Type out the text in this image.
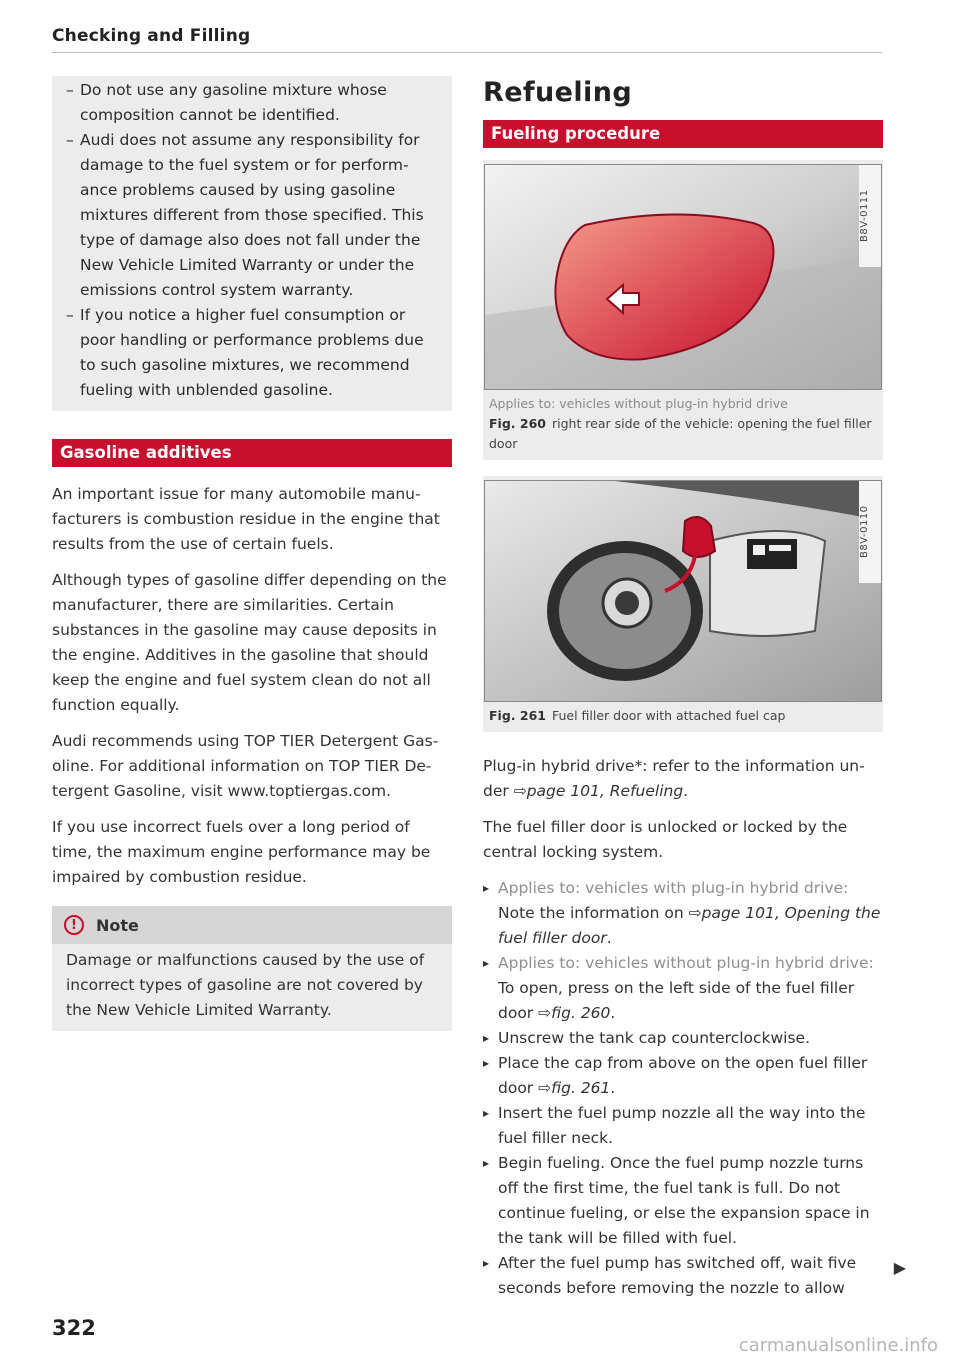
Checking and Filling
– Do not use any gasoline mixture whose composition cannot be identified.
– Audi does not assume any responsibility for damage to the fuel system or for perform-ance problems caused by using gasoline mixtures different from those specified. This type of damage also does not fall under the New Vehicle Limited Warranty or under the emissions control system warranty.
– If you notice a higher fuel consumption or poor handling or performance problems due to such gasoline mixtures, we recommend fueling with unblended gasoline.
Gasoline additives

An important issue for many automobile manu-facturers is combustion residue in the engine that results from the use of certain fuels.

Although types of gasoline differ depending on the manufacturer, there are similarities. Certain substances in the gasoline may cause deposits in the engine. Additives in the gasoline that should keep the engine and fuel system clean do not all function equally.

Audi recommends using TOP TIER Detergent Gas-oline. For additional information on TOP TIER De-tergent Gasoline, visit www.toptiergas.com.

If you use incorrect fuels over a long period of time, the maximum engine performance may be impaired by combustion residue.

!	Note
Damage or malfunctions caused by the use of incorrect types of gasoline are not covered by the New Vehicle Limited Warranty.
322
Refueling
Fueling procedure
B8V-0111
Applies to: vehicles without plug-in hybrid drive
Fig. 260 right rear side of the vehicle: opening the fuel filler door
B8V-0110
Fig. 261 Fuel filler door with attached fuel cap

Plug-in hybrid drive*: refer to the information un-der ⇨page 101, Refueling.

The fuel filler door is unlocked or locked by the central locking system.

▸ Applies to: vehicles with plug-in hybrid drive: Note the information on ⇨page 101, Opening the fuel filler door.
▸ Applies to: vehicles without plug-in hybrid drive: To open, press on the left side of the fuel filler door ⇨fig. 260.
▸ Unscrew the tank cap counterclockwise.
▸ Place the cap from above on the open fuel filler door ⇨fig. 261.
▸ Insert the fuel pump nozzle all the way into the fuel filler neck.
▸ Begin fueling. Once the fuel pump nozzle turns off the first time, the fuel tank is full. Do not continue fueling, or else the expansion space in the tank will be filled with fuel.
▸ After the fuel pump has switched off, wait five seconds before removing the nozzle to allow
▶
carmanualsonline.info
